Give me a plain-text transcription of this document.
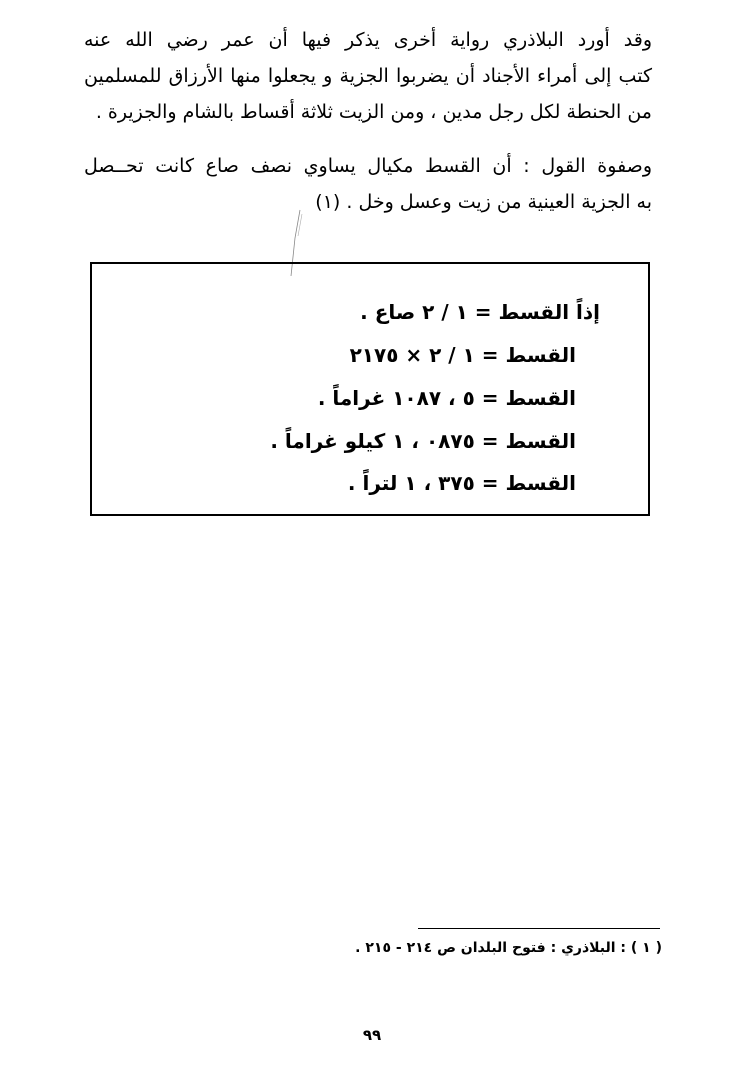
وقد أورد البلاذري رواية أخرى يذكر فيها أن عمر رضي الله عنه
كتب إلى أمراء الأجناد أن يضربوا الجزية و يجعلوا منها الأرزاق للمسلمين
من الحنطة لكل رجل مدين ، ومن الزيت ثلاثة أقساط بالشام والجزيرة .
وصفوة القول : أن القسط مكيال يساوي نصف صاع كانت تحــصل
به الجزية العينية من زيت وعسل وخل . (١)
إذاً القسط = ١ / ٢ صاع .
القسط = ١ / ٢ × ٢١٧٥
القسط = ٥ ، ١٠٨٧ غراماً .
القسط = ٠٨٧٥ ، ١ كيلو غراماً .
القسط = ٣٧٥ ، ١ لتراً .
( ١ ) : البلاذري : فتوح البلدان ص ٢١٤ - ٢١٥ .
٩٩
